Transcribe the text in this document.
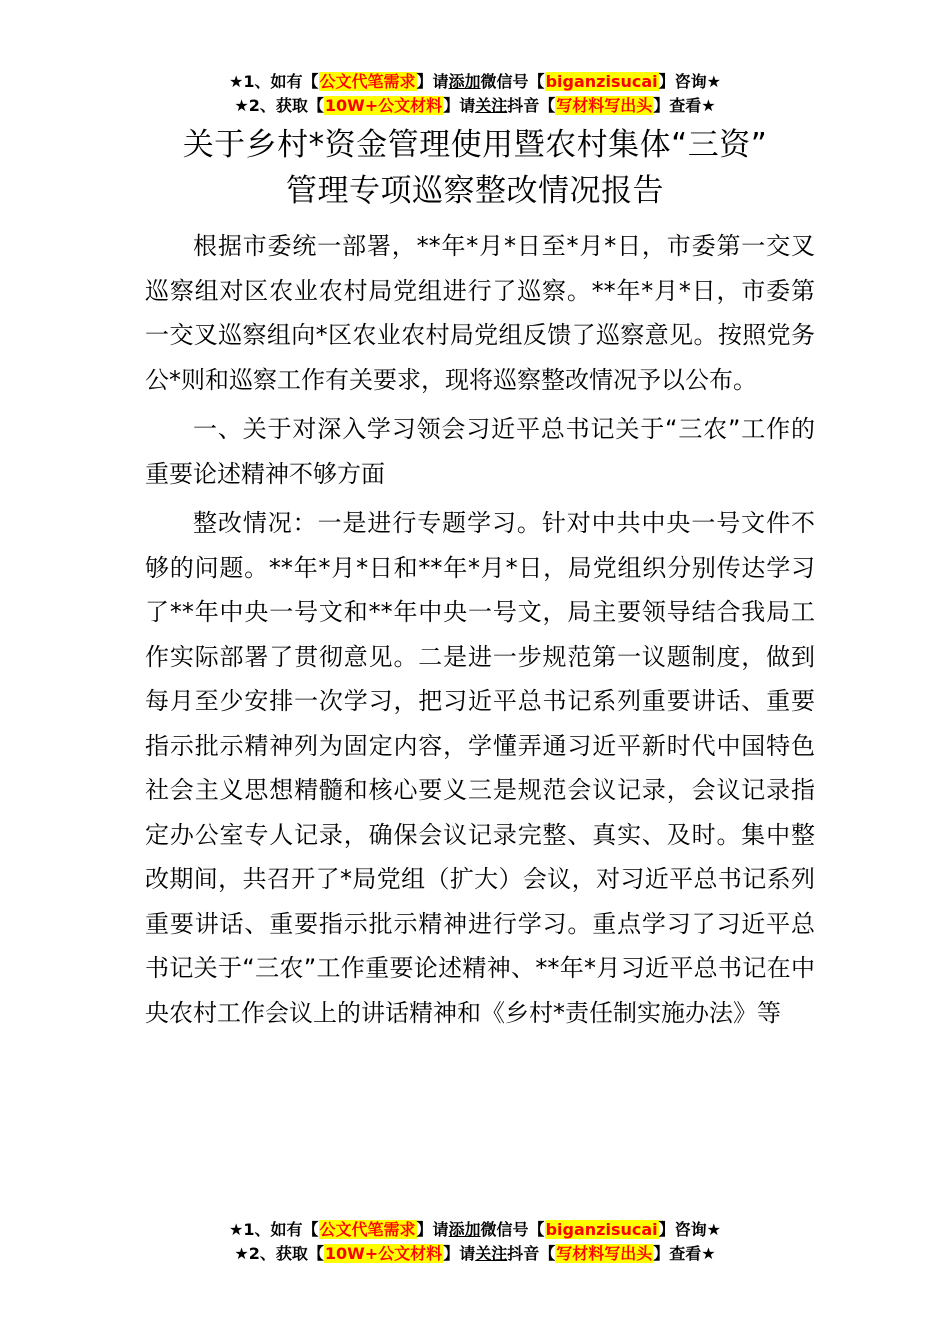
★1、如有【公文代笔需求】请添加微信号【biganzisucai】咨询★
★2、获取【10W+公文材料】请关注抖音【写材料写出头】查看★
关于乡村*资金管理使用暨农村集体“三资”
管理专项巡察整改情况报告

根据市委统一部署，**年*月*日至*月*日，市委第一交叉巡察组对区农业农村局党组进行了巡察。**年*月*日，市委第一交叉巡察组向*区农业农村局党组反馈了巡察意见。按照党务公*则和巡察工作有关要求，现将巡察整改情况予以公布。

一、关于对深入学习领会习近平总书记关于“三农”工作的重要论述精神不够方面

整改情况：一是进行专题学习。针对中共中央一号文件不够的问题。**年*月*日和**年*月*日，局党组织分别传达学习了**年中央一号文和**年中央一号文，局主要领导结合我局工作实际部署了贯彻意见。二是进一步规范第一议题制度，做到每月至少安排一次学习，把习近平总书记系列重要讲话、重要指示批示精神列为固定内容，学懂弄通习近平新时代中国特色社会主义思想精髓和核心要义三是规范会议记录，会议记录指定办公室专人记录，确保会议记录完整、真实、及时。集中整改期间，共召开了*局党组（扩大）会议，对习近平总书记系列重要讲话、重要指示批示精神进行学习。重点学习了习近平总书记关于“三农”工作重要论述精神、**年*月习近平总书记在中央农村工作会议上的讲话精神和《乡村*责任制实施办法》等

★1、如有【公文代笔需求】请添加微信号【biganzisucai】咨询★
★2、获取【10W+公文材料】请关注抖音【写材料写出头】查看★
